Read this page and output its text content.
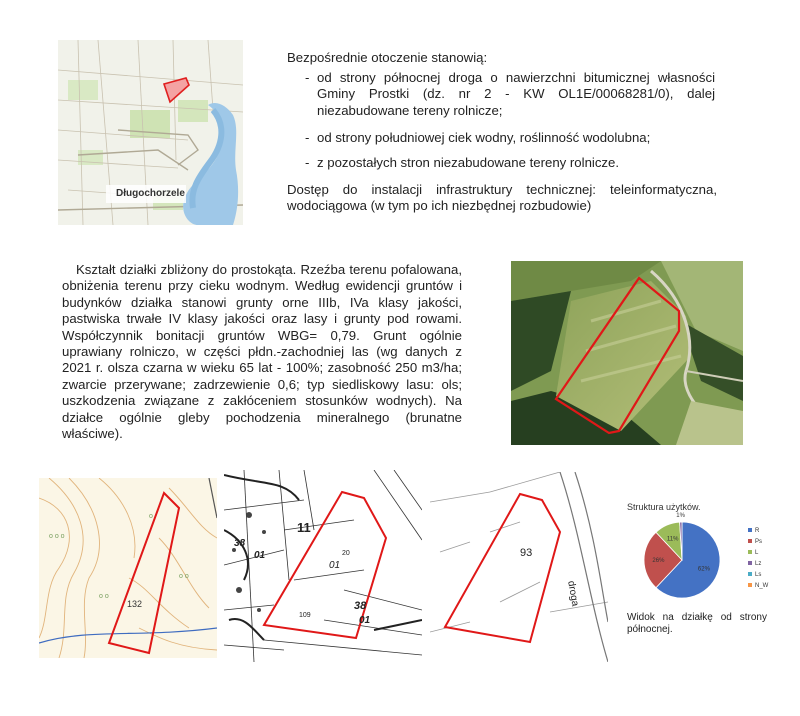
Długochorzele
Bezpośrednie otoczenie stanowią:
- od strony północnej droga o nawierzchni bitumicznej własności Gminy Prostki (dz. nr 2 - KW OL1E/00068281/0), dalej niezabudowane tereny rolnicze;
- od strony południowej ciek wodny, roślinność wodolubna;
- z pozostałych stron niezabudowane tereny rolnicze.
Dostęp do instalacji infrastruktury technicznej: teleinformatyczna, wodociągowa (w tym po ich niezbędnej rozbudowie)
Kształt działki zbliżony do prostokąta. Rzeźba terenu pofalowana, obniżenia terenu przy cieku wodnym. Według ewidencji gruntów i budynków działka stanowi grunty orne IIIb, IVa klasy jakości, pastwiska trwałe IV klasy jakości oraz lasy i grunty pod rowami. Współczynnik bonitacji gruntów WBG= 0,79. Grunt ogólnie uprawiany rolniczo, w części płdn.-zachodniej las (wg danych z 2021 r. olsza czarna w wieku 65 lat - 100%; zasobność 250 m3/ha; zwarcie przerywane; zadrzewienie 0,6; typ siedliskowy lasu: ols; uszkodzenia związane z zakłóceniem stosunków wodnych). Na działce ogólnie gleby pochodzenia mineralnego (brunatne właściwe).
o o o
o o
o
o o
132
11
38
01
01
38
01
109
20	93
droga
Struktura użytków.
62%
26%
11%
1%
R
Ps
L
Lz
Ls
N_W
Widok na działkę od strony północnej.
